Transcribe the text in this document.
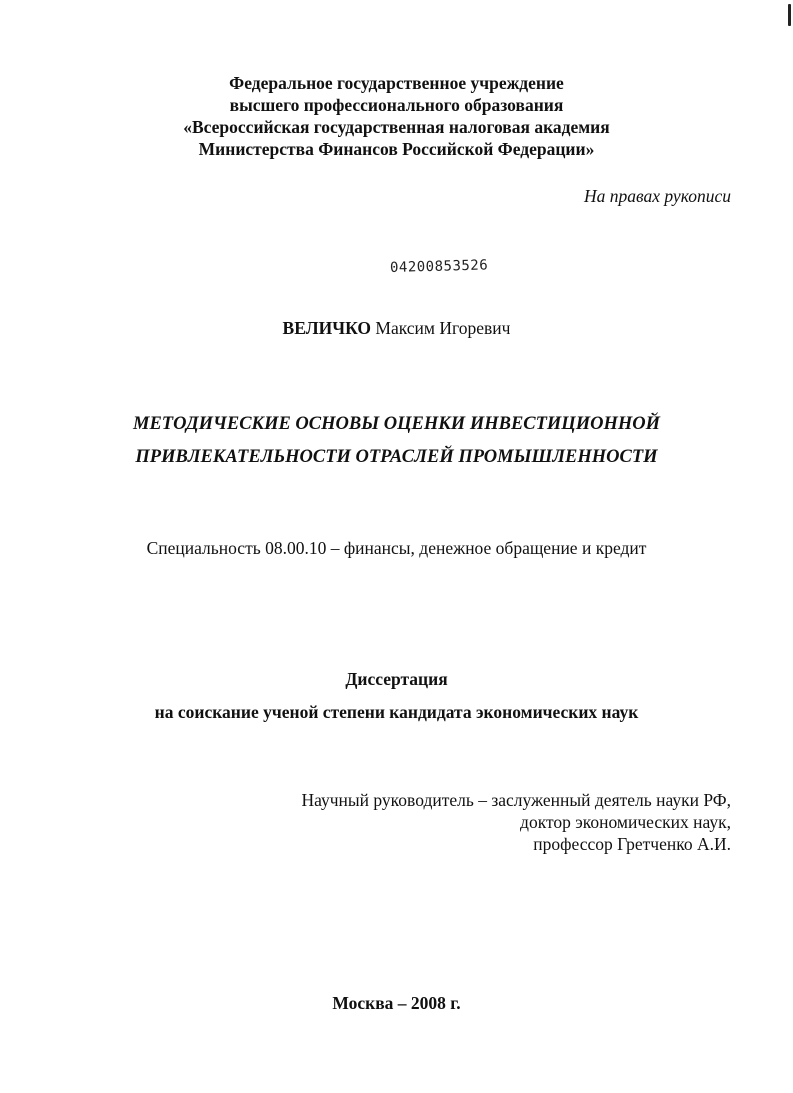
Федеральное государственное учреждение
высшего профессионального образования
«Всероссийская государственная налоговая академия
Министерства Финансов Российской Федерации»
На правах рукописи
04200853526
ВЕЛИЧКО Максим Игоревич
МЕТОДИЧЕСКИЕ ОСНОВЫ ОЦЕНКИ ИНВЕСТИЦИОННОЙ
ПРИВЛЕКАТЕЛЬНОСТИ ОТРАСЛЕЙ ПРОМЫШЛЕННОСТИ
Специальность 08.00.10 – финансы, денежное обращение и кредит
Диссертация
на соискание ученой степени кандидата экономических наук
Научный руководитель – заслуженный деятель науки РФ,
доктор экономических наук,
профессор Гретченко А.И.
Москва – 2008 г.
